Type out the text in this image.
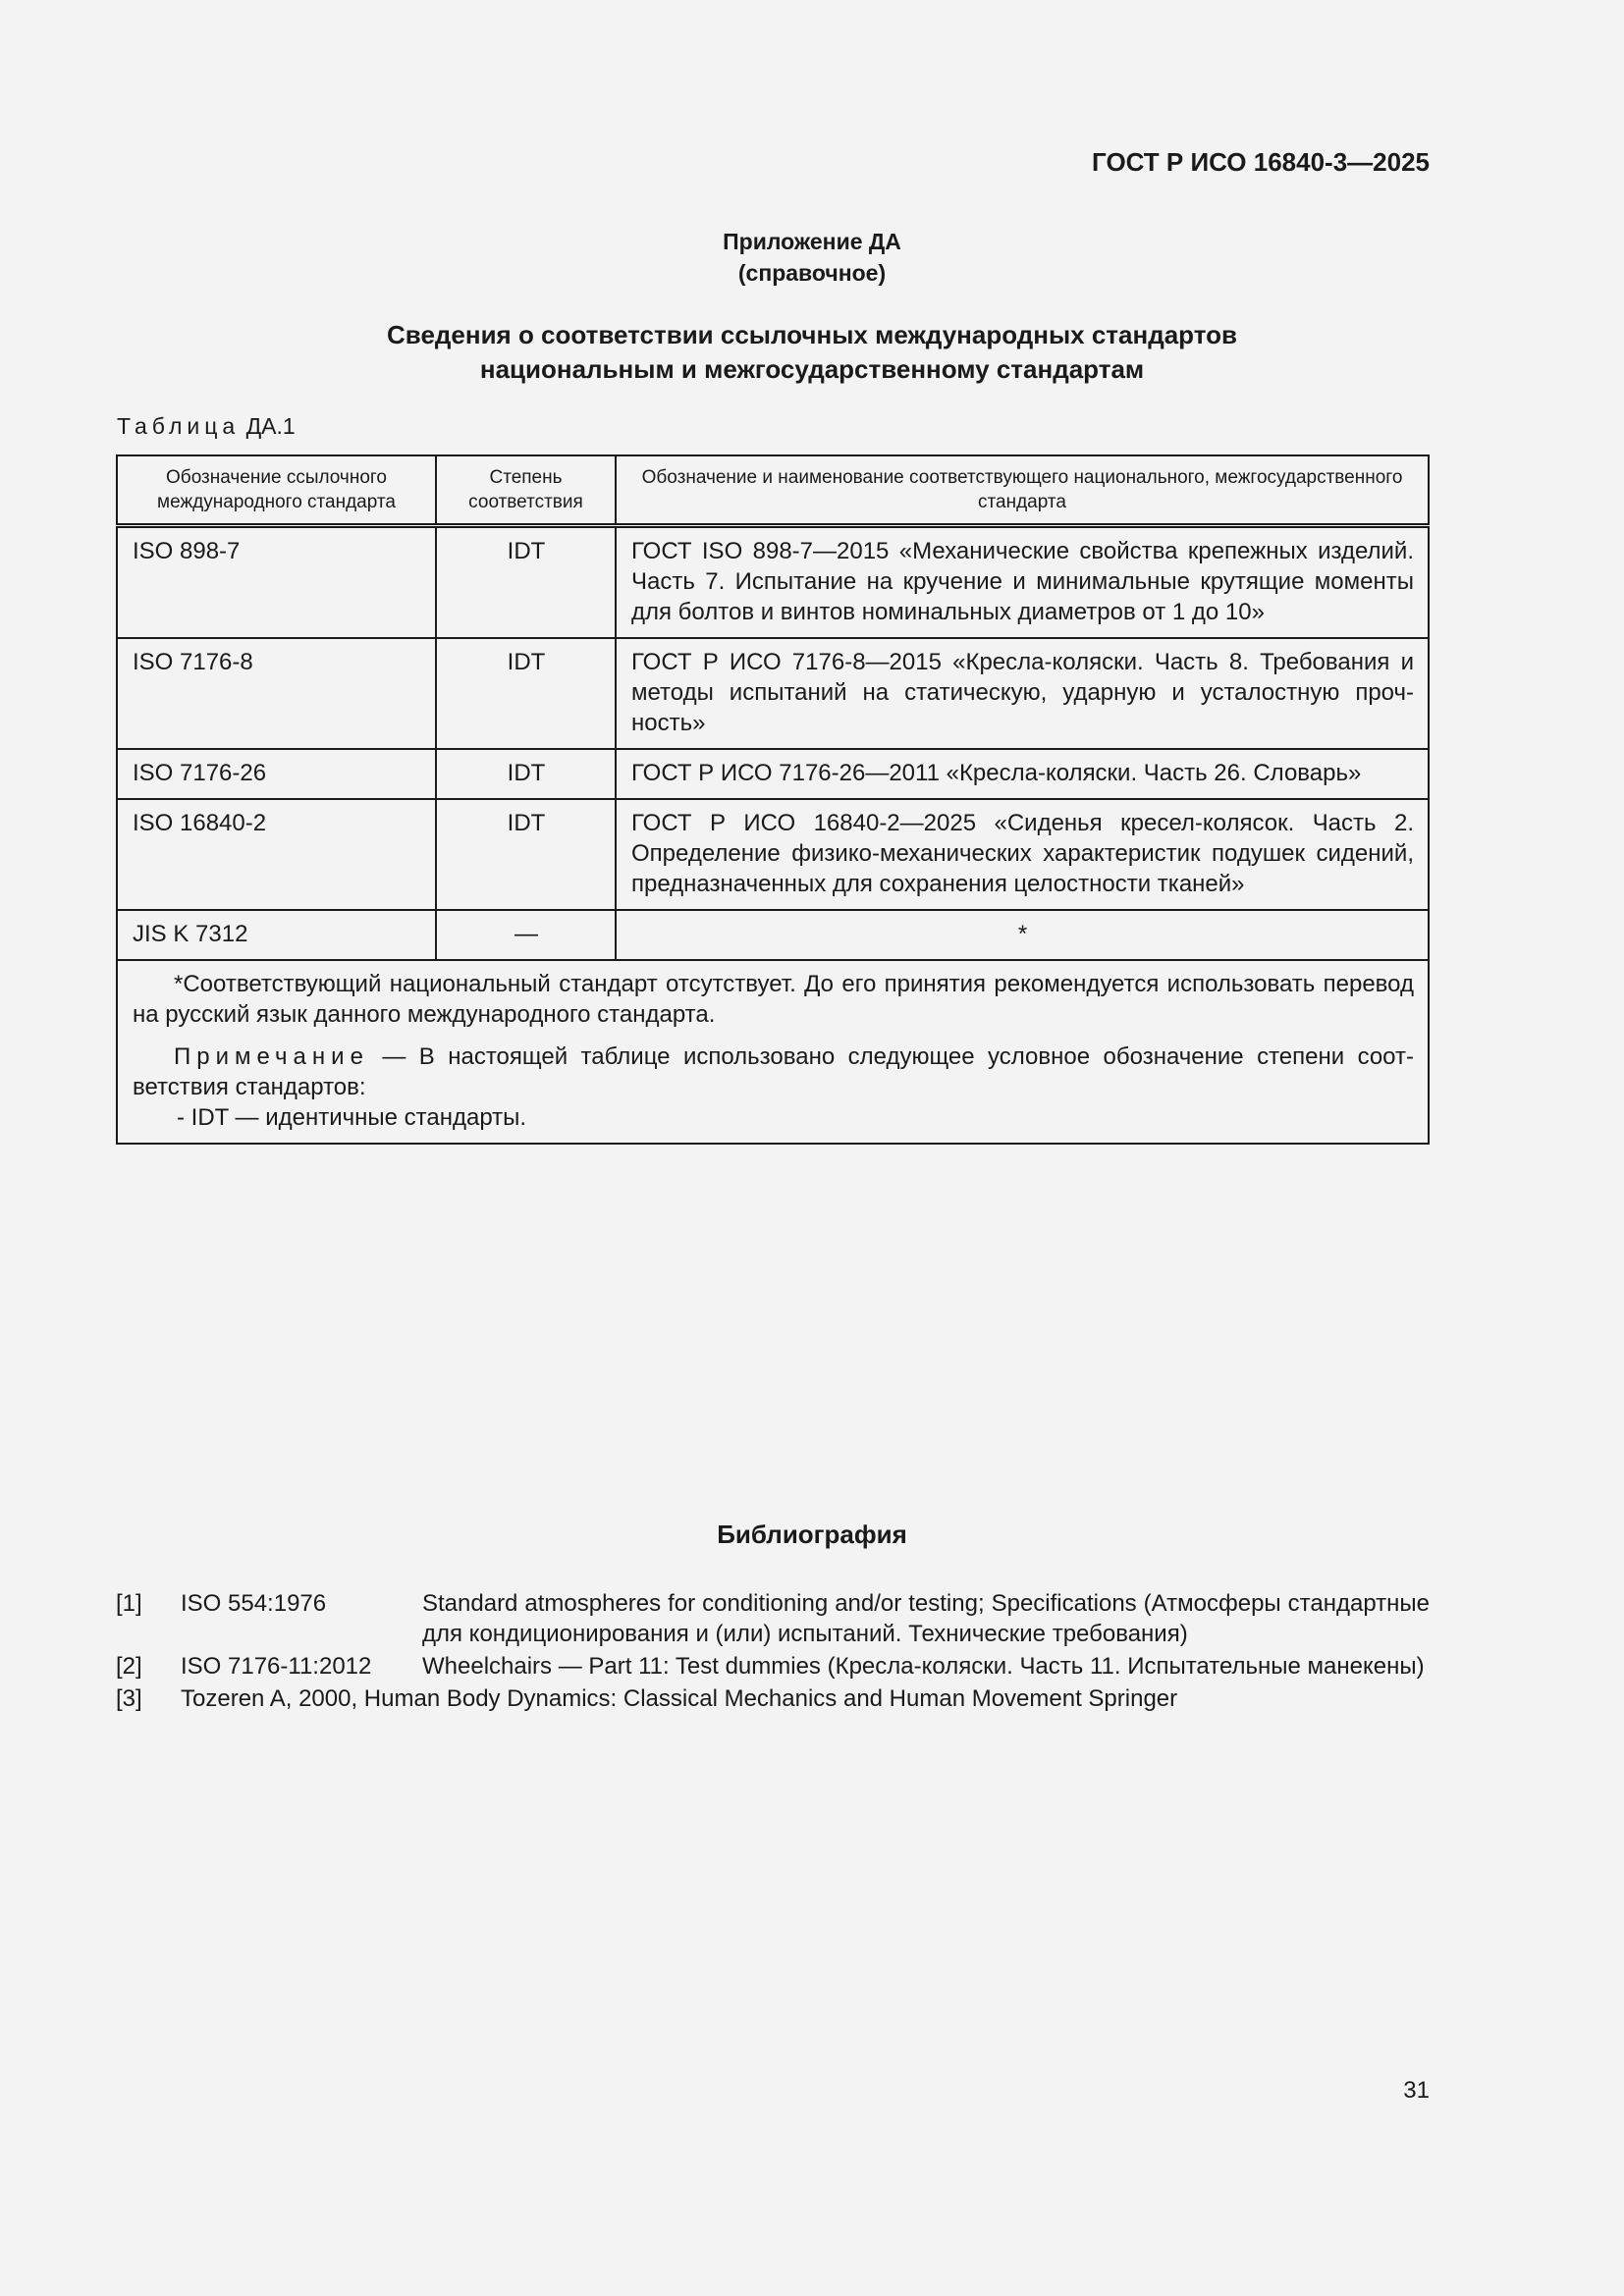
ГОСТ Р ИСО 16840-3—2025
Приложение ДА
(справочное)
Сведения о соответствии ссылочных международных стандартов
национальным и межгосударственному стандартам
Таблица ДА.1
Обозначение ссылочного международного стандарта	Степень соответствия	Обозначение и наименование соответствующего национального, межгосударственного стандарта
ISO 898-7	IDT	ГОСТ ISO 898-7—2015 «Механические свойства крепежных изделий. Часть 7. Испытание на кручение и минимальные крутящие моменты для болтов и винтов номинальных диаметров от 1 до 10»
ISO 7176-8	IDT	ГОСТ Р ИСО 7176-8—2015 «Кресла-коляски. Часть 8. Требования и методы испытаний на статическую, ударную и усталостную прочность»
ISO 7176-26	IDT	ГОСТ Р ИСО 7176-26—2011 «Кресла-коляски. Часть 26. Словарь»
ISO 16840-2	IDT	ГОСТ Р ИСО 16840-2—2025 «Сиденья кресел-колясок. Часть 2. Определение физико-механических характеристик подушек сидений, предназначенных для сохранения целостности тканей»
JIS K 7312	—	*

*Соответствующий национальный стандарт отсутствует. До его принятия рекомендуется использовать перевод на русский язык данного международного стандарта.

Примечание — В настоящей таблице использовано следующее условное обозначение степени соответствия стандартов:

- IDT — идентичные стандарты.		

Библиография
[1]	ISO 554:1976	Standard atmospheres for conditioning and/or testing; Specifications (Атмосферы стандартные для кондиционирования и (или) испытаний. Технические требования)
[2]	ISO 7176-11:2012	Wheelchairs — Part 11: Test dummies (Кресла-коляски. Часть 11. Испытательные манекены)
[3]	Tozeren A, 2000, Human Body Dynamics: Classical Mechanics and Human Movement Springer
31
